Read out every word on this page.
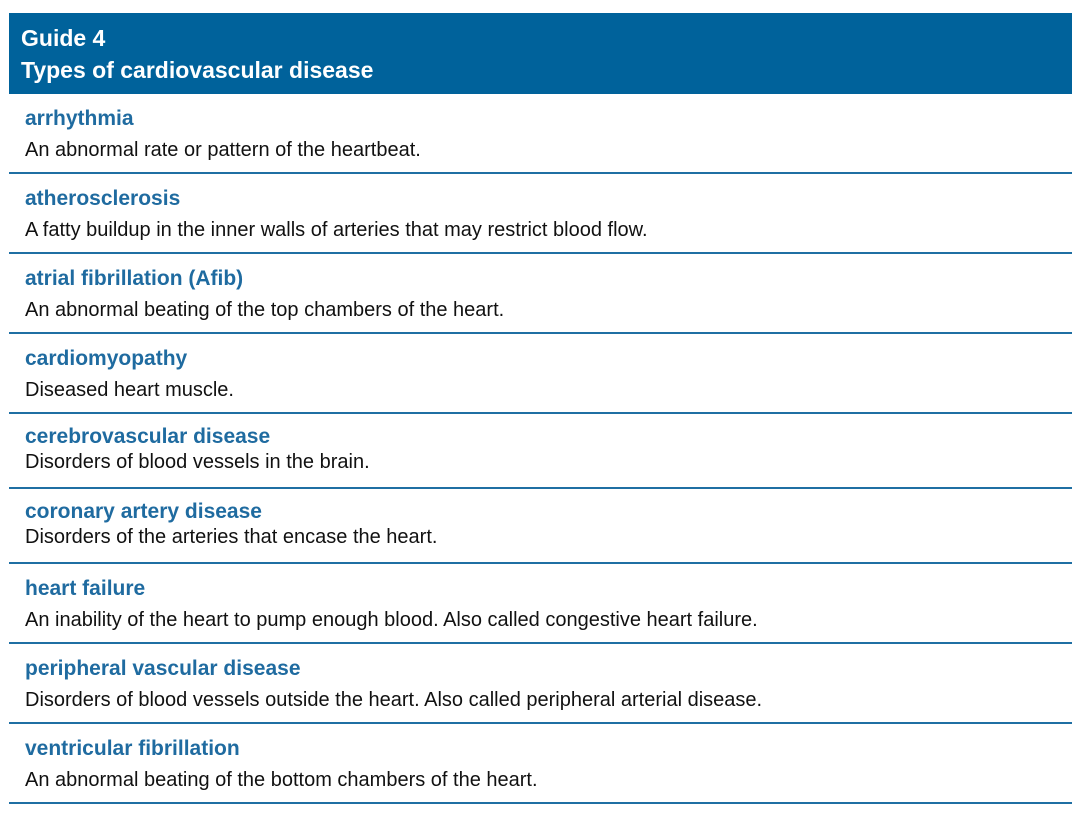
Guide 4
Types of cardiovascular disease
arrhythmia
An abnormal rate or pattern of the heartbeat.
atherosclerosis
A fatty buildup in the inner walls of arteries that may restrict blood flow.
atrial fibrillation (Afib)
An abnormal beating of the top chambers of the heart.
cardiomyopathy
Diseased heart muscle.
cerebrovascular disease
Disorders of blood vessels in the brain.
coronary artery disease
Disorders of the arteries that encase the heart.
heart failure
An inability of the heart to pump enough blood. Also called congestive heart failure.
peripheral vascular disease
Disorders of blood vessels outside the heart. Also called peripheral arterial disease.
ventricular fibrillation
An abnormal beating of the bottom chambers of the heart.
